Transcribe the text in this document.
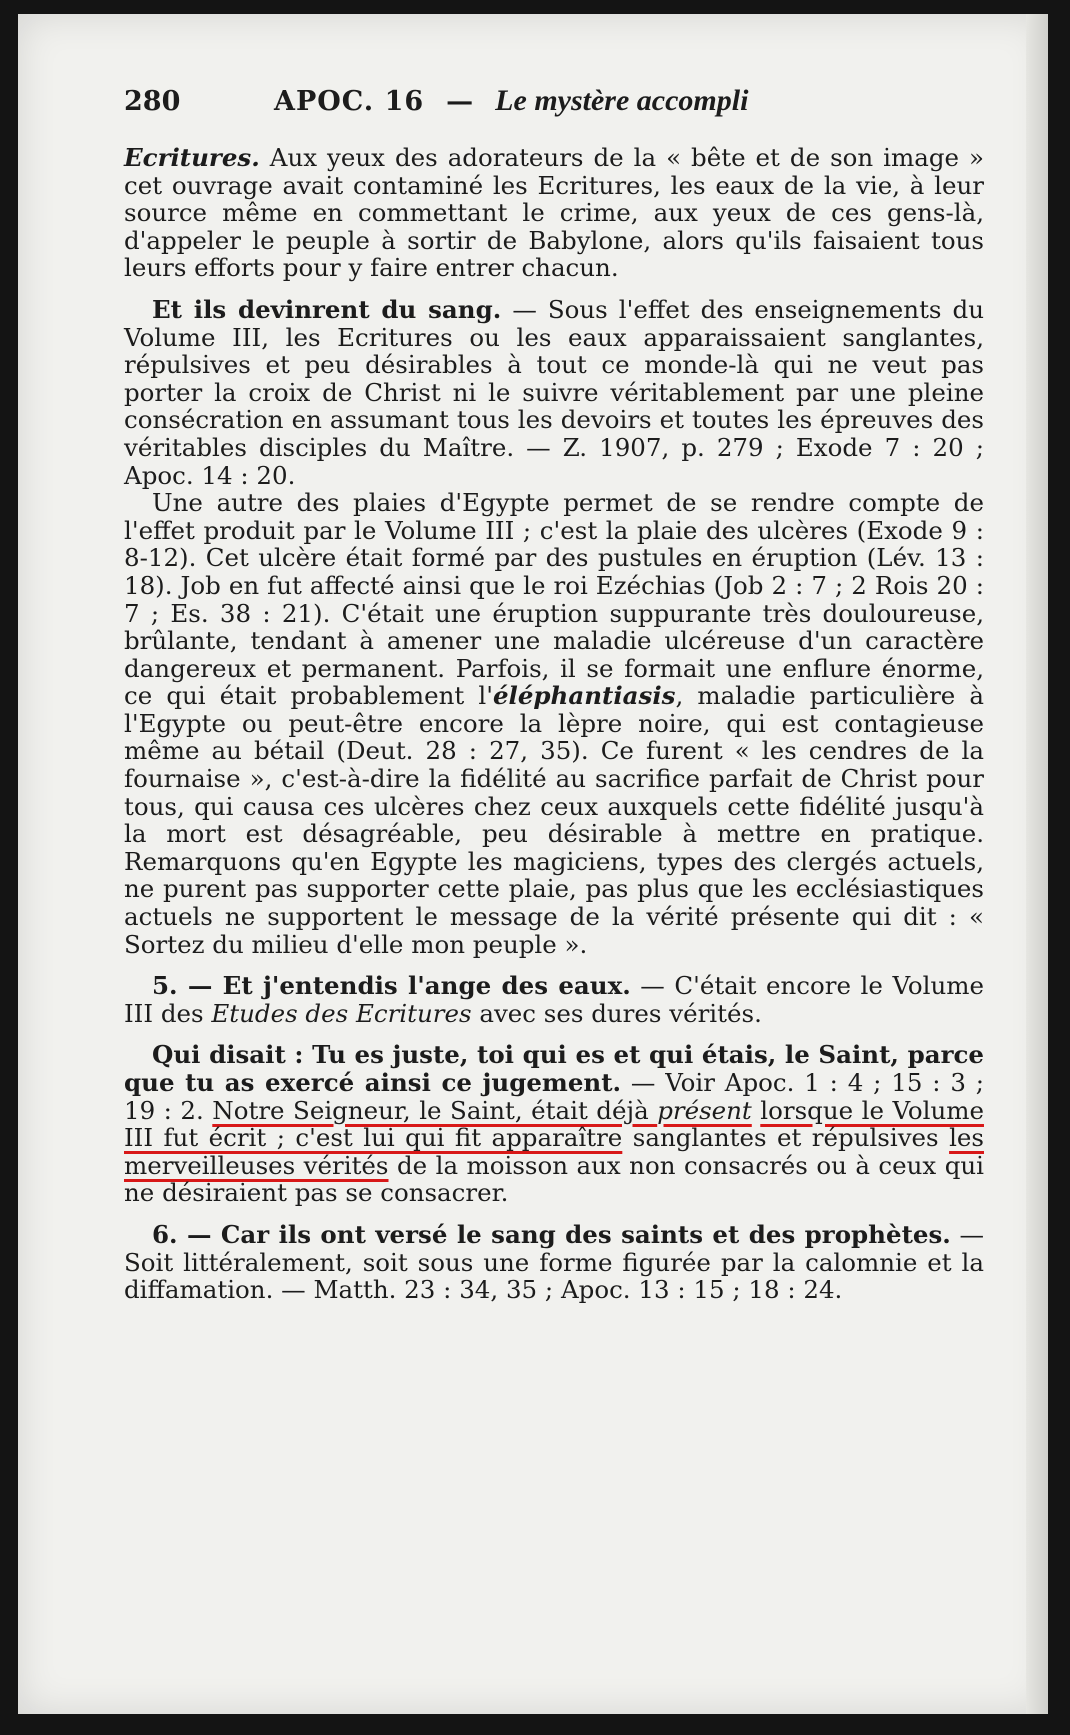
280	APOC. 16 — Le mystère accompli

Ecritures. Aux yeux des adorateurs de la « bête et de son image » cet ouvrage avait contaminé les Ecritures, les eaux de la vie, à leur source même en commettant le crime, aux yeux de ces gens-là, d'appeler le peuple à sortir de Babylone, alors qu'ils faisaient tous leurs efforts pour y faire entrer chacun.

Et ils devinrent du sang. — Sous l'effet des enseignements du Volume III, les Ecritures ou les eaux apparaissaient sanglantes, répulsives et peu désirables à tout ce monde-là qui ne veut pas porter la croix de Christ ni le suivre véritablement par une pleine consécration en assumant tous les devoirs et toutes les épreuves des véritables disciples du Maître. — Z. 1907, p. 279 ; Exode 7 : 20 ; Apoc. 14 : 20.

Une autre des plaies d'Egypte permet de se rendre compte de l'effet produit par le Volume III ; c'est la plaie des ulcères (Exode 9 : 8-12). Cet ulcère était formé par des pustules en éruption (Lév. 13 : 18). Job en fut affecté ainsi que le roi Ezéchias (Job 2 : 7 ; 2 Rois 20 : 7 ; Es. 38 : 21). C'était une éruption suppurante très douloureuse, brûlante, tendant à amener une maladie ulcéreuse d'un caractère dangereux et permanent. Parfois, il se formait une enflure énorme, ce qui était probablement l'éléphantiasis, maladie particulière à l'Egypte ou peut-être encore la lèpre noire, qui est contagieuse même au bétail (Deut. 28 : 27, 35). Ce furent « les cendres de la fournaise », c'est-à-dire la fidélité au sacrifice parfait de Christ pour tous, qui causa ces ulcères chez ceux auxquels cette fidélité jusqu'à la mort est désagréable, peu désirable à mettre en pratique. Remarquons qu'en Egypte les magiciens, types des clergés actuels, ne purent pas supporter cette plaie, pas plus que les ecclésiastiques actuels ne supportent le message de la vérité présente qui dit : « Sortez du milieu d'elle mon peuple ».

5. — Et j'entendis l'ange des eaux. — C'était encore le Volume III des Etudes des Ecritures avec ses dures vérités.

Qui disait : Tu es juste, toi qui es et qui étais, le Saint, parce que tu as exercé ainsi ce jugement. — Voir Apoc. 1 : 4 ; 15 : 3 ; 19 : 2. Notre Seigneur, le Saint, était déjà présent lorsque le Volume III fut écrit ; c'est lui qui fit apparaître sanglantes et répulsives les merveilleuses vérités de la moisson aux non consacrés ou à ceux qui ne désiraient pas se consacrer.

6. — Car ils ont versé le sang des saints et des prophètes. — Soit littéralement, soit sous une forme figurée par la calomnie et la diffamation. — Matth. 23 : 34, 35 ; Apoc. 13 : 15 ; 18 : 24.
